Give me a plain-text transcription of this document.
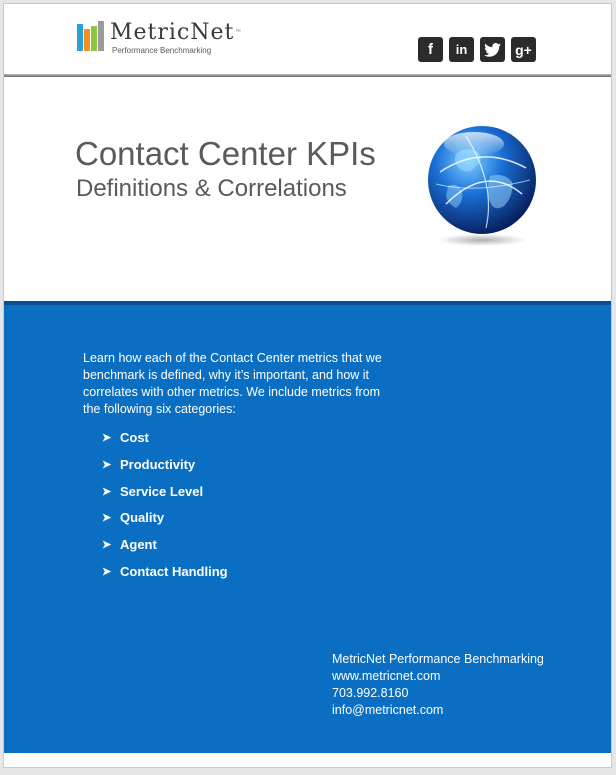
MetricNet™
Performance Benchmarking	f in	g+
Contact Center KPIs
Definitions & Correlations

Learn how each of the Contact Center metrics that we benchmark is defined, why it’s important, and how it correlates with other metrics. We include metrics from the following six categories:

➤ Cost
➤ Productivity
➤ Service Level
➤ Quality
➤ Agent
➤ Contact Handling
MetricNet Performance Benchmarking
www.metricnet.com
703.992.8160
info@metricnet.com
